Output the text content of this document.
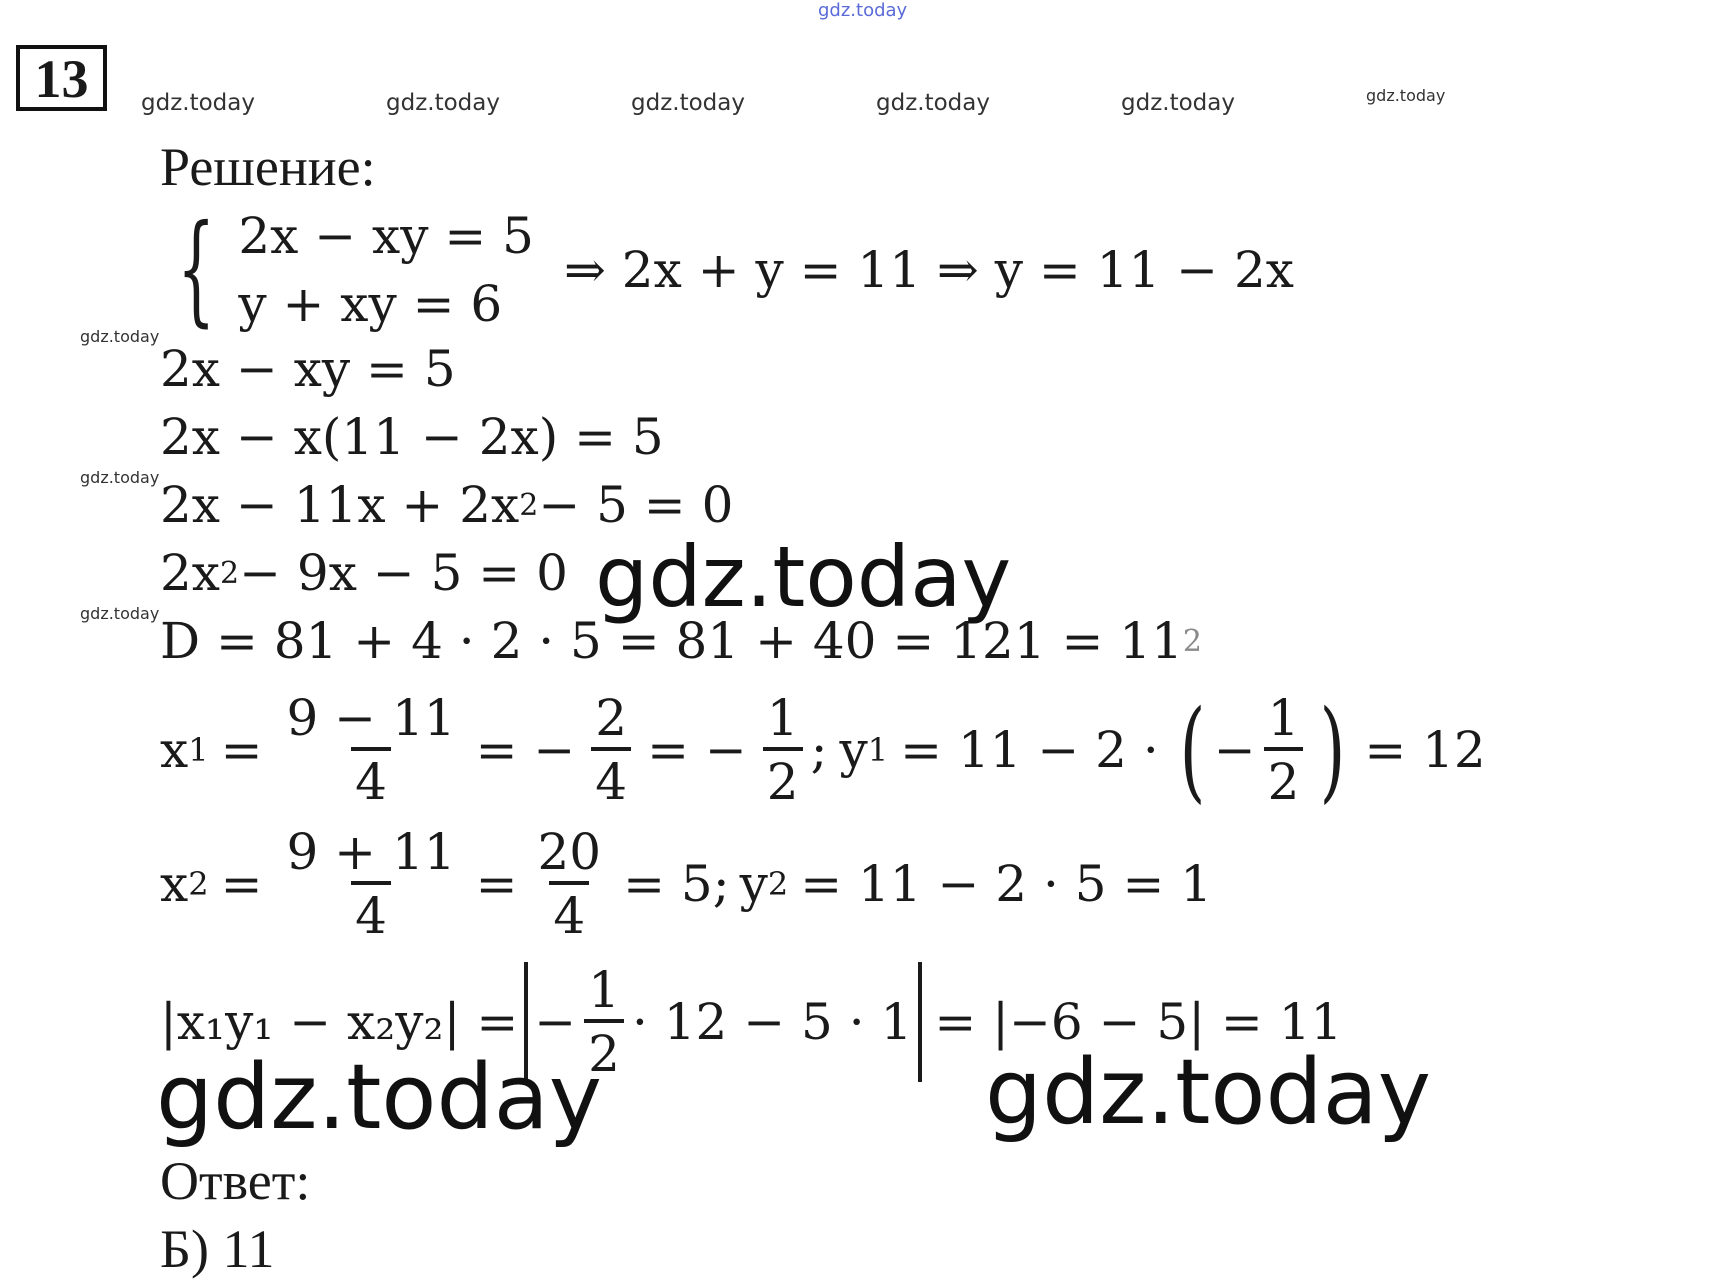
gdz.today
13	gdz.today	gdz.today	gdz.today	gdz.today	gdz.today	gdz.today
gdz.today
gdz.today
gdz.today
Решение:
{ 2x − xy = 5
y + xy = 6
⇒ 2x + y = 11 ⇒ y = 11 − 2x
2x − xy = 5
2x − x(11 − 2x) = 5
2x − 11x + 2x 2 − 5 = 0
2x 2 − 9x − 5 = 0 gdz.today
D = 81 + 4 · 2 · 5 = 81 + 40 = 121 = 11 2
x $1 = \frac{9 - 11}{4}$ = − $\frac{2}{4}$ = − $\frac{1}{2}$ ; y 1 = 11 − 2 · ( − $\frac{1}{2}$ ) = 12
x $2 = \frac{9 + 11}{4} = \frac{20}{4} = 5$; y 2 = 11 − 2 · 5 = 1
|x₁y₁ − x₂y₂| = − $\frac{1}{2} \cdot 12 - 5 \cdot 1 = |-6 - 5| = 11$
gdz.today	gdz.today
Ответ:
Б) 11
